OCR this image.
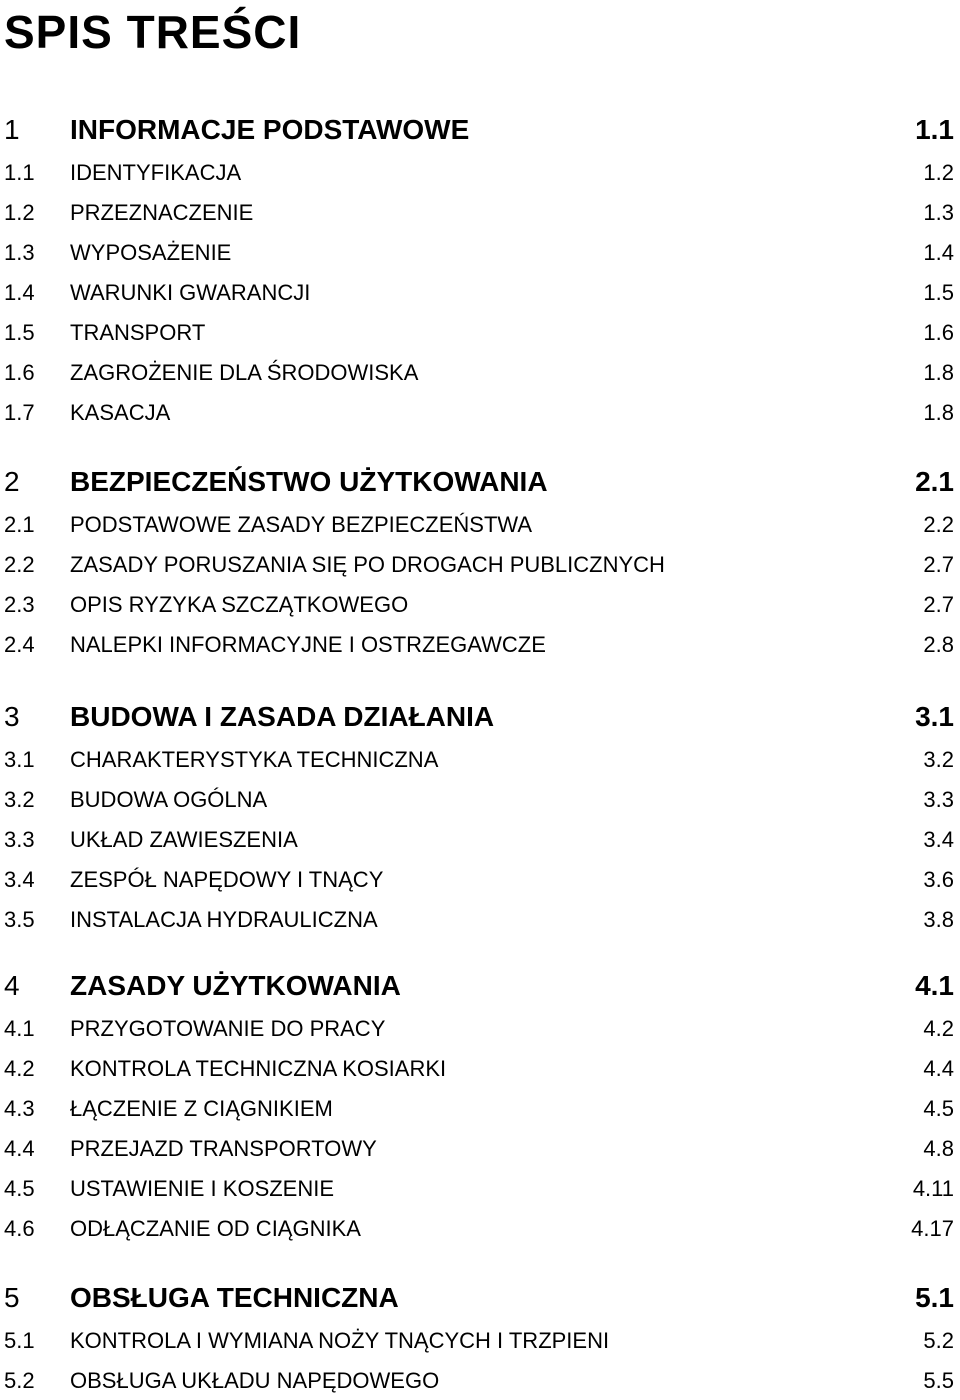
SPIS TREŚCI
1 INFORMACJE PODSTAWOWE	1.1
1.1 IDENTYFIKACJA	1.2
1.2 PRZEZNACZENIE	1.3
1.3 WYPOSAŻENIE	1.4
1.4 WARUNKI GWARANCJI	1.5
1.5 TRANSPORT	1.6
1.6 ZAGROŻENIE DLA ŚRODOWISKA	1.8
1.7 KASACJA	1.8
2 BEZPIECZEŃSTWO UŻYTKOWANIA	2.1
2.1 PODSTAWOWE ZASADY BEZPIECZEŃSTWA	2.2
2.2 ZASADY PORUSZANIA SIĘ PO DROGACH PUBLICZNYCH	2.7
2.3 OPIS RYZYKA SZCZĄTKOWEGO	2.7
2.4 NALEPKI INFORMACYJNE I OSTRZEGAWCZE	2.8
3 BUDOWA I ZASADA DZIAŁANIA	3.1
3.1 CHARAKTERYSTYKA TECHNICZNA	3.2
3.2 BUDOWA OGÓLNA	3.3
3.3 UKŁAD ZAWIESZENIA	3.4
3.4 ZESPÓŁ NAPĘDOWY I TNĄCY	3.6
3.5 INSTALACJA HYDRAULICZNA	3.8
4 ZASADY UŻYTKOWANIA	4.1
4.1 PRZYGOTOWANIE DO PRACY	4.2
4.2 KONTROLA TECHNICZNA KOSIARKI	4.4
4.3 ŁĄCZENIE Z CIĄGNIKIEM	4.5
4.4 PRZEJAZD TRANSPORTOWY	4.8
4.5 USTAWIENIE I KOSZENIE	4.11
4.6 ODŁĄCZANIE OD CIĄGNIKA	4.17
5 OBSŁUGA TECHNICZNA	5.1
5.1 KONTROLA I WYMIANA NOŻY TNĄCYCH I TRZPIENI	5.2
5.2 OBSŁUGA UKŁADU NAPĘDOWEGO	5.5
